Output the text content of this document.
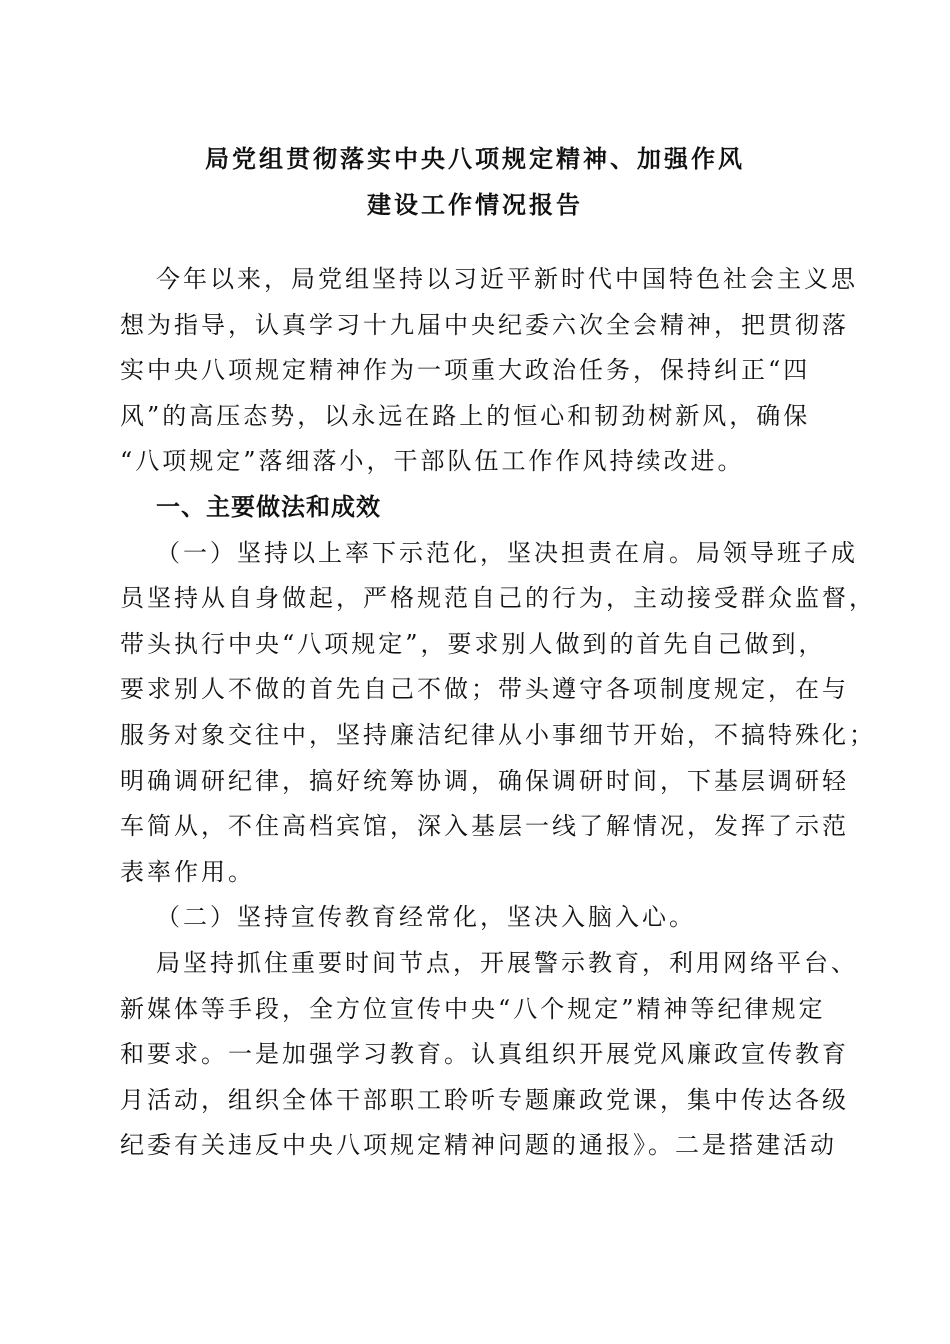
局党组贯彻落实中央八项规定精神、加强作风
建设工作情况报告
今年以来，局党组坚持以习近平新时代中国特色社会主义思
想为指导，认真学习十九届中央纪委六次全会精神，把贯彻落
实中央八项规定精神作为一项重大政治任务，保持纠正“四
风”的高压态势，以永远在路上的恒心和韧劲树新风，确保
“八项规定”落细落小，干部队伍工作作风持续改进。
一、主要做法和成效
（一）坚持以上率下示范化，坚决担责在肩。局领导班子成
员坚持从自身做起，严格规范自己的行为，主动接受群众监督，
带头执行中央“八项规定”，要求别人做到的首先自己做到，
要求别人不做的首先自己不做；带头遵守各项制度规定，在与
服务对象交往中，坚持廉洁纪律从小事细节开始，不搞特殊化；
明确调研纪律，搞好统筹协调，确保调研时间，下基层调研轻
车简从，不住高档宾馆，深入基层一线了解情况，发挥了示范
表率作用。
（二）坚持宣传教育经常化，坚决入脑入心。
局坚持抓住重要时间节点，开展警示教育，利用网络平台、
新媒体等手段，全方位宣传中央“八个规定”精神等纪律规定
和要求。一是加强学习教育。认真组织开展党风廉政宣传教育
月活动，组织全体干部职工聆听专题廉政党课，集中传达各级
纪委有关违反中央八项规定精神问题的通报》。二是搭建活动
